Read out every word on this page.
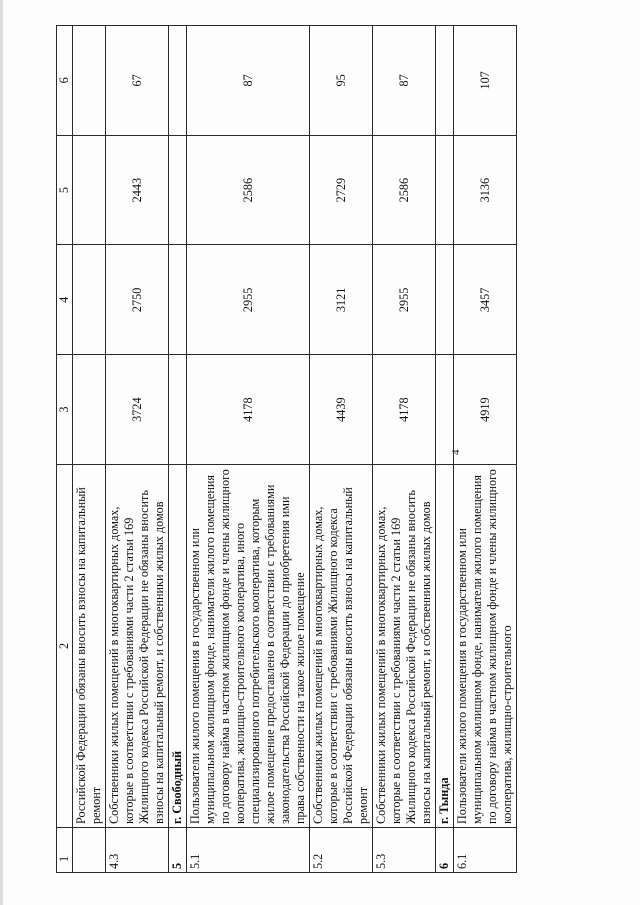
4
1	2	3	4	5	6
	Российской Федерации обязаны вносить взносы на капитальный ремонт				
4.3	Собственники жилых помещений в многоквартирных домах, которые в соответствии с требованиями части 2 статьи 169 Жилищного кодекса Российской Федерации не обязаны вносить взносы на капитальный ремонт, и собственники жилых домов	3724	2750	2443	67
5	г. Свободный				
5.1	Пользователи жилого помещения в государственном или муниципальном жилищном фонде, наниматели жилого помещения по договору найма в частном жилищном фонде и члены жилищного кооператива, жилищно-строительного кооператива, иного специализированного потребительского кооператива, которым жилое помещение предоставлено в соответствии с требованиями законодательства Российской Федерации до приобретения ими права собственности на такое жилое помещение	4178	2955	2586	87
5.2	Собственники жилых помещений в многоквартирных домах, которые в соответствии с требованиями Жилищного кодекса Российской Федерации обязаны вносить взносы на капитальный ремонт	4439	3121	2729	95
5.3	Собственники жилых помещений в многоквартирных домах, которые в соответствии с требованиями части 2 статьи 169 Жилищного кодекса Российской Федерации не обязаны вносить взносы на капитальный ремонт, и собственники жилых домов	4178	2955	2586	87
6	г. Тында				
6.1	Пользователи жилого помещения в государственном или муниципальном жилищном фонде, наниматели жилого помещения по договору найма в частном жилищном фонде и члены жилищного кооператива, жилищно-строительного	4919	3457	3136	107
